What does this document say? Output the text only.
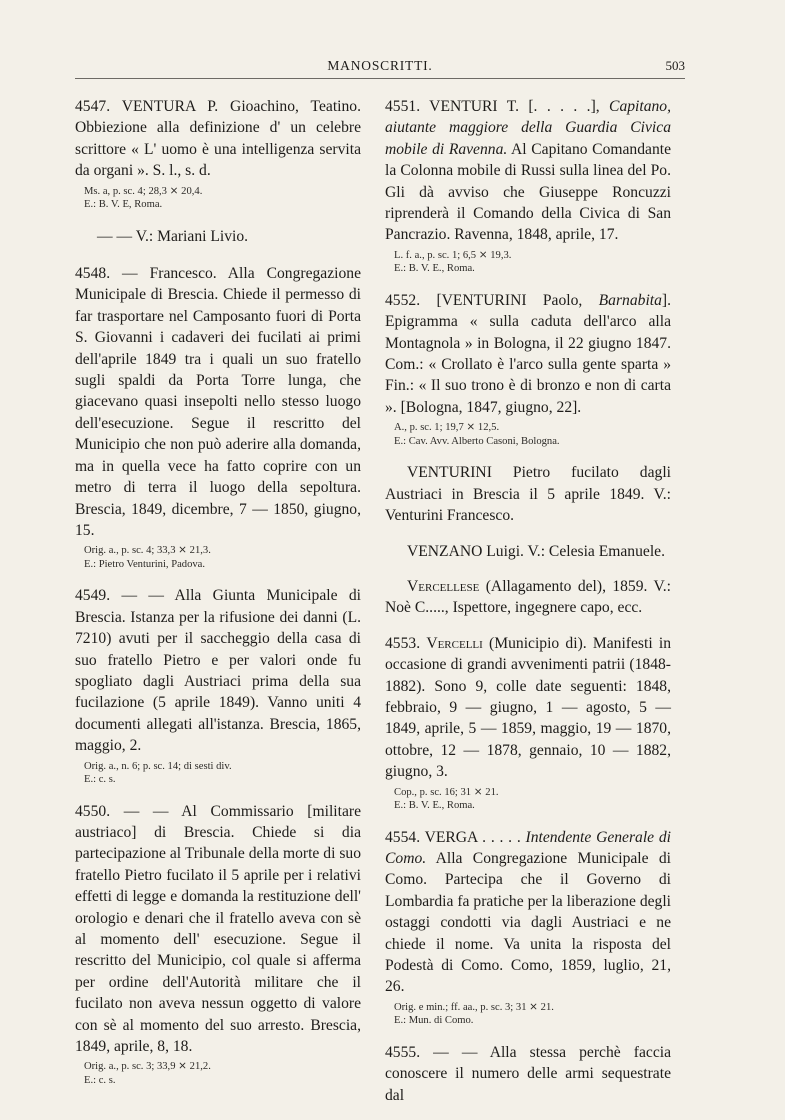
MANOSCRITTI.	503

4547. VENTURA P. Gioachino, Teatino. Obbiezione alla definizione d' un celebre scrittore « L' uomo è una intelligenza servita da organi ». S. l., s. d.

Ms. a, p. sc. 4; 28,3 ⨯ 20,4.
E.: B. V. E, Roma.

— — V.: Mariani Livio.

4548. — Francesco. Alla Congregazione Municipale di Brescia. Chiede il permesso di far trasportare nel Camposanto fuori di Porta S. Giovanni i cadaveri dei fucilati ai primi dell'aprile 1849 tra i quali un suo fratello sugli spaldi da Porta Torre lunga, che giacevano quasi insepolti nello stesso luogo dell'esecuzione. Segue il rescritto del Municipio che non può aderire alla domanda, ma in quella vece ha fatto coprire con un metro di terra il luogo della sepoltura. Brescia, 1849, dicembre, 7 — 1850, giugno, 15.

Orig. a., p. sc. 4; 33,3 ⨯ 21,3.
E.: Pietro Venturini, Padova.

4549. — — Alla Giunta Municipale di Brescia. Istanza per la rifusione dei danni (L. 7210) avuti per il saccheggio della casa di suo fratello Pietro e per valori onde fu spogliato dagli Austriaci prima della sua fucilazione (5 aprile 1849). Vanno uniti 4 documenti allegati all'istanza. Brescia, 1865, maggio, 2.

Orig. a., n. 6; p. sc. 14; di sesti div.
E.: c. s.

4550. — — Al Commissario [militare austriaco] di Brescia. Chiede si dia partecipazione al Tribunale della morte di suo fratello Pietro fucilato il 5 aprile per i relativi effetti di legge e domanda la restituzione dell' orologio e denari che il fratello aveva con sè al momento dell' esecuzione. Segue il rescritto del Municipio, col quale si afferma per ordine dell'Autorità militare che il fucilato non aveva nessun oggetto di valore con sè al momento del suo arresto. Brescia, 1849, aprile, 8, 18.

Orig. a., p. sc. 3; 33,9 ⨯ 21,2.
E.: c. s.

4551. VENTURI T. [. . . . .], Capitano, aiutante maggiore della Guardia Civica mobile di Ravenna. Al Capitano Comandante la Colonna mobile di Russi sulla linea del Po. Gli dà avviso che Giuseppe Roncuzzi riprenderà il Comando della Civica di San Pancrazio. Ravenna, 1848, aprile, 17.

L. f. a., p. sc. 1; 6,5 ⨯ 19,3.
E.: B. V. E., Roma.

4552. [VENTURINI Paolo, Barnabita]. Epigramma « sulla caduta dell'arco alla Montagnola » in Bologna, il 22 giugno 1847. Com.: « Crollato è l'arco sulla gente sparta » Fin.: « Il suo trono è di bronzo e non di carta ». [Bologna, 1847, giugno, 22].

A., p. sc. 1; 19,7 ⨯ 12,5.
E.: Cav. Avv. Alberto Casoni, Bologna.

VENTURINI Pietro fucilato dagli Austriaci in Brescia il 5 aprile 1849. V.: Venturini Francesco.

VENZANO Luigi. V.: Celesia Emanuele.

Vercellese (Allagamento del), 1859. V.: Noè C....., Ispettore, ingegnere capo, ecc.

4553. Vercelli (Municipio di). Manifesti in occasione di grandi avvenimenti patrii (1848-1882). Sono 9, colle date seguenti: 1848, febbraio, 9 — giugno, 1 — agosto, 5 — 1849, aprile, 5 — 1859, maggio, 19 — 1870, ottobre, 12 — 1878, gennaio, 10 — 1882, giugno, 3.

Cop., p. sc. 16; 31 ⨯ 21.
E.: B. V. E., Roma.

4554. VERGA . . . . . Intendente Generale di Como. Alla Congregazione Municipale di Como. Partecipa che il Governo di Lombardia fa pratiche per la liberazione degli ostaggi condotti via dagli Austriaci e ne chiede il nome. Va unita la risposta del Podestà di Como. Como, 1859, luglio, 21, 26.

Orig. e min.; ff. aa., p. sc. 3; 31 ⨯ 21.
E.: Mun. di Como.

4555. — — Alla stessa perchè faccia conoscere il numero delle armi sequestrate dal
